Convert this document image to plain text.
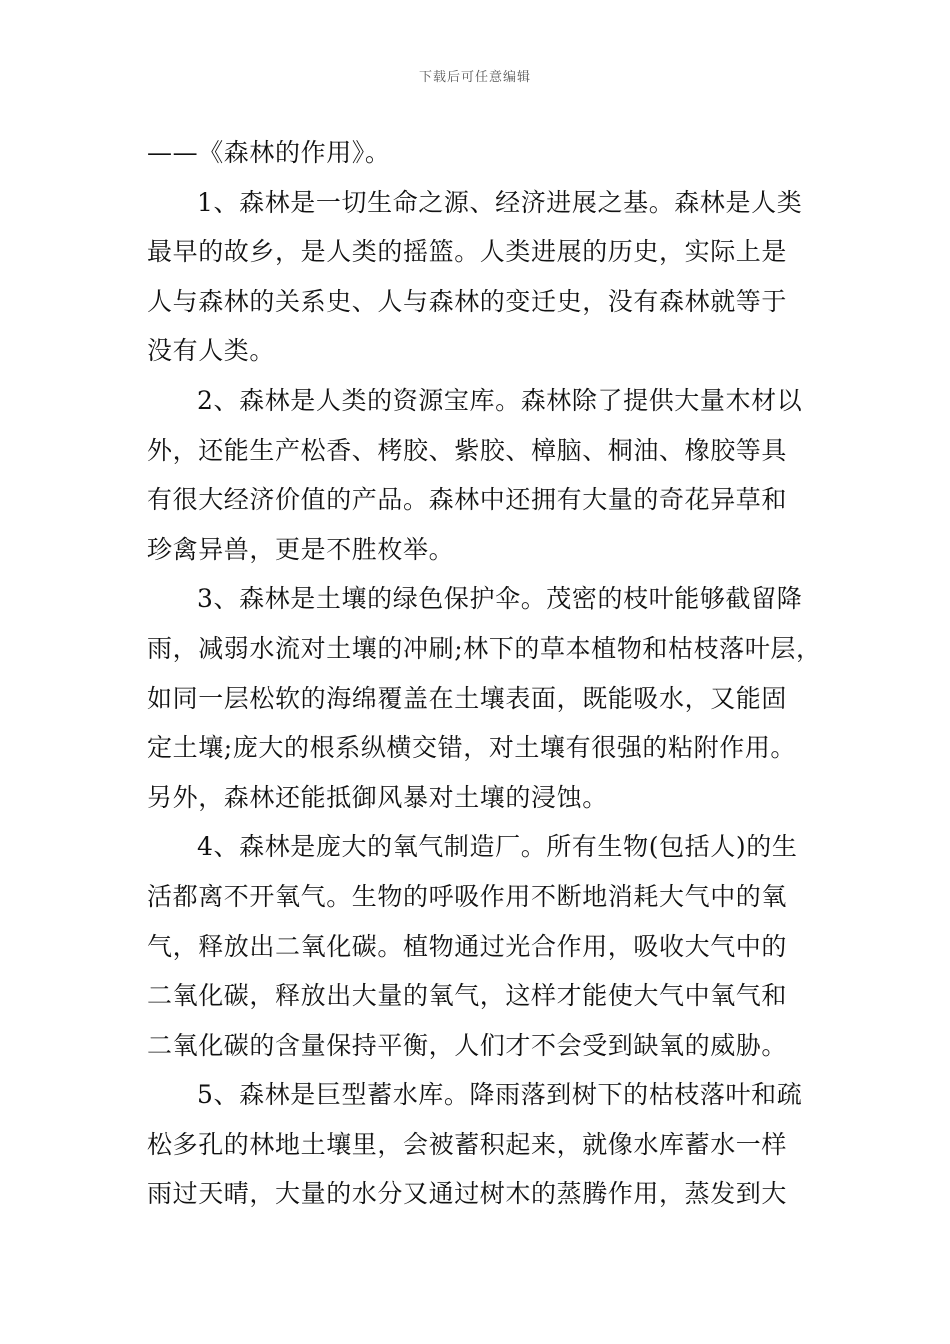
下载后可任意编辑
——《森林的作用》。
1、森林是一切生命之源、经济进展之基。森林是人类
最早的故乡，是人类的摇篮。人类进展的历史，实际上是
人与森林的关系史、人与森林的变迁史，没有森林就等于
没有人类。
2、森林是人类的资源宝库。森林除了提供大量木材以
外，还能生产松香、栲胶、紫胶、樟脑、桐油、橡胶等具
有很大经济价值的产品。森林中还拥有大量的奇花异草和
珍禽异兽，更是不胜枚举。
3、森林是土壤的绿色保护伞。茂密的枝叶能够截留降
雨，减弱水流对土壤的冲刷;林下的草本植物和枯枝落叶层，
如同一层松软的海绵覆盖在土壤表面，既能吸水，又能固
定土壤;庞大的根系纵横交错，对土壤有很强的粘附作用。
另外，森林还能抵御风暴对土壤的浸蚀。
4、森林是庞大的氧气制造厂。所有生物(包括人)的生
活都离不开氧气。生物的呼吸作用不断地消耗大气中的氧
气，释放出二氧化碳。植物通过光合作用，吸收大气中的
二氧化碳，释放出大量的氧气，这样才能使大气中氧气和
二氧化碳的含量保持平衡，人们才不会受到缺氧的威胁。
5、森林是巨型蓄水库。降雨落到树下的枯枝落叶和疏
松多孔的林地土壤里，会被蓄积起来，就像水库蓄水一样
雨过天晴，大量的水分又通过树木的蒸腾作用，蒸发到大
